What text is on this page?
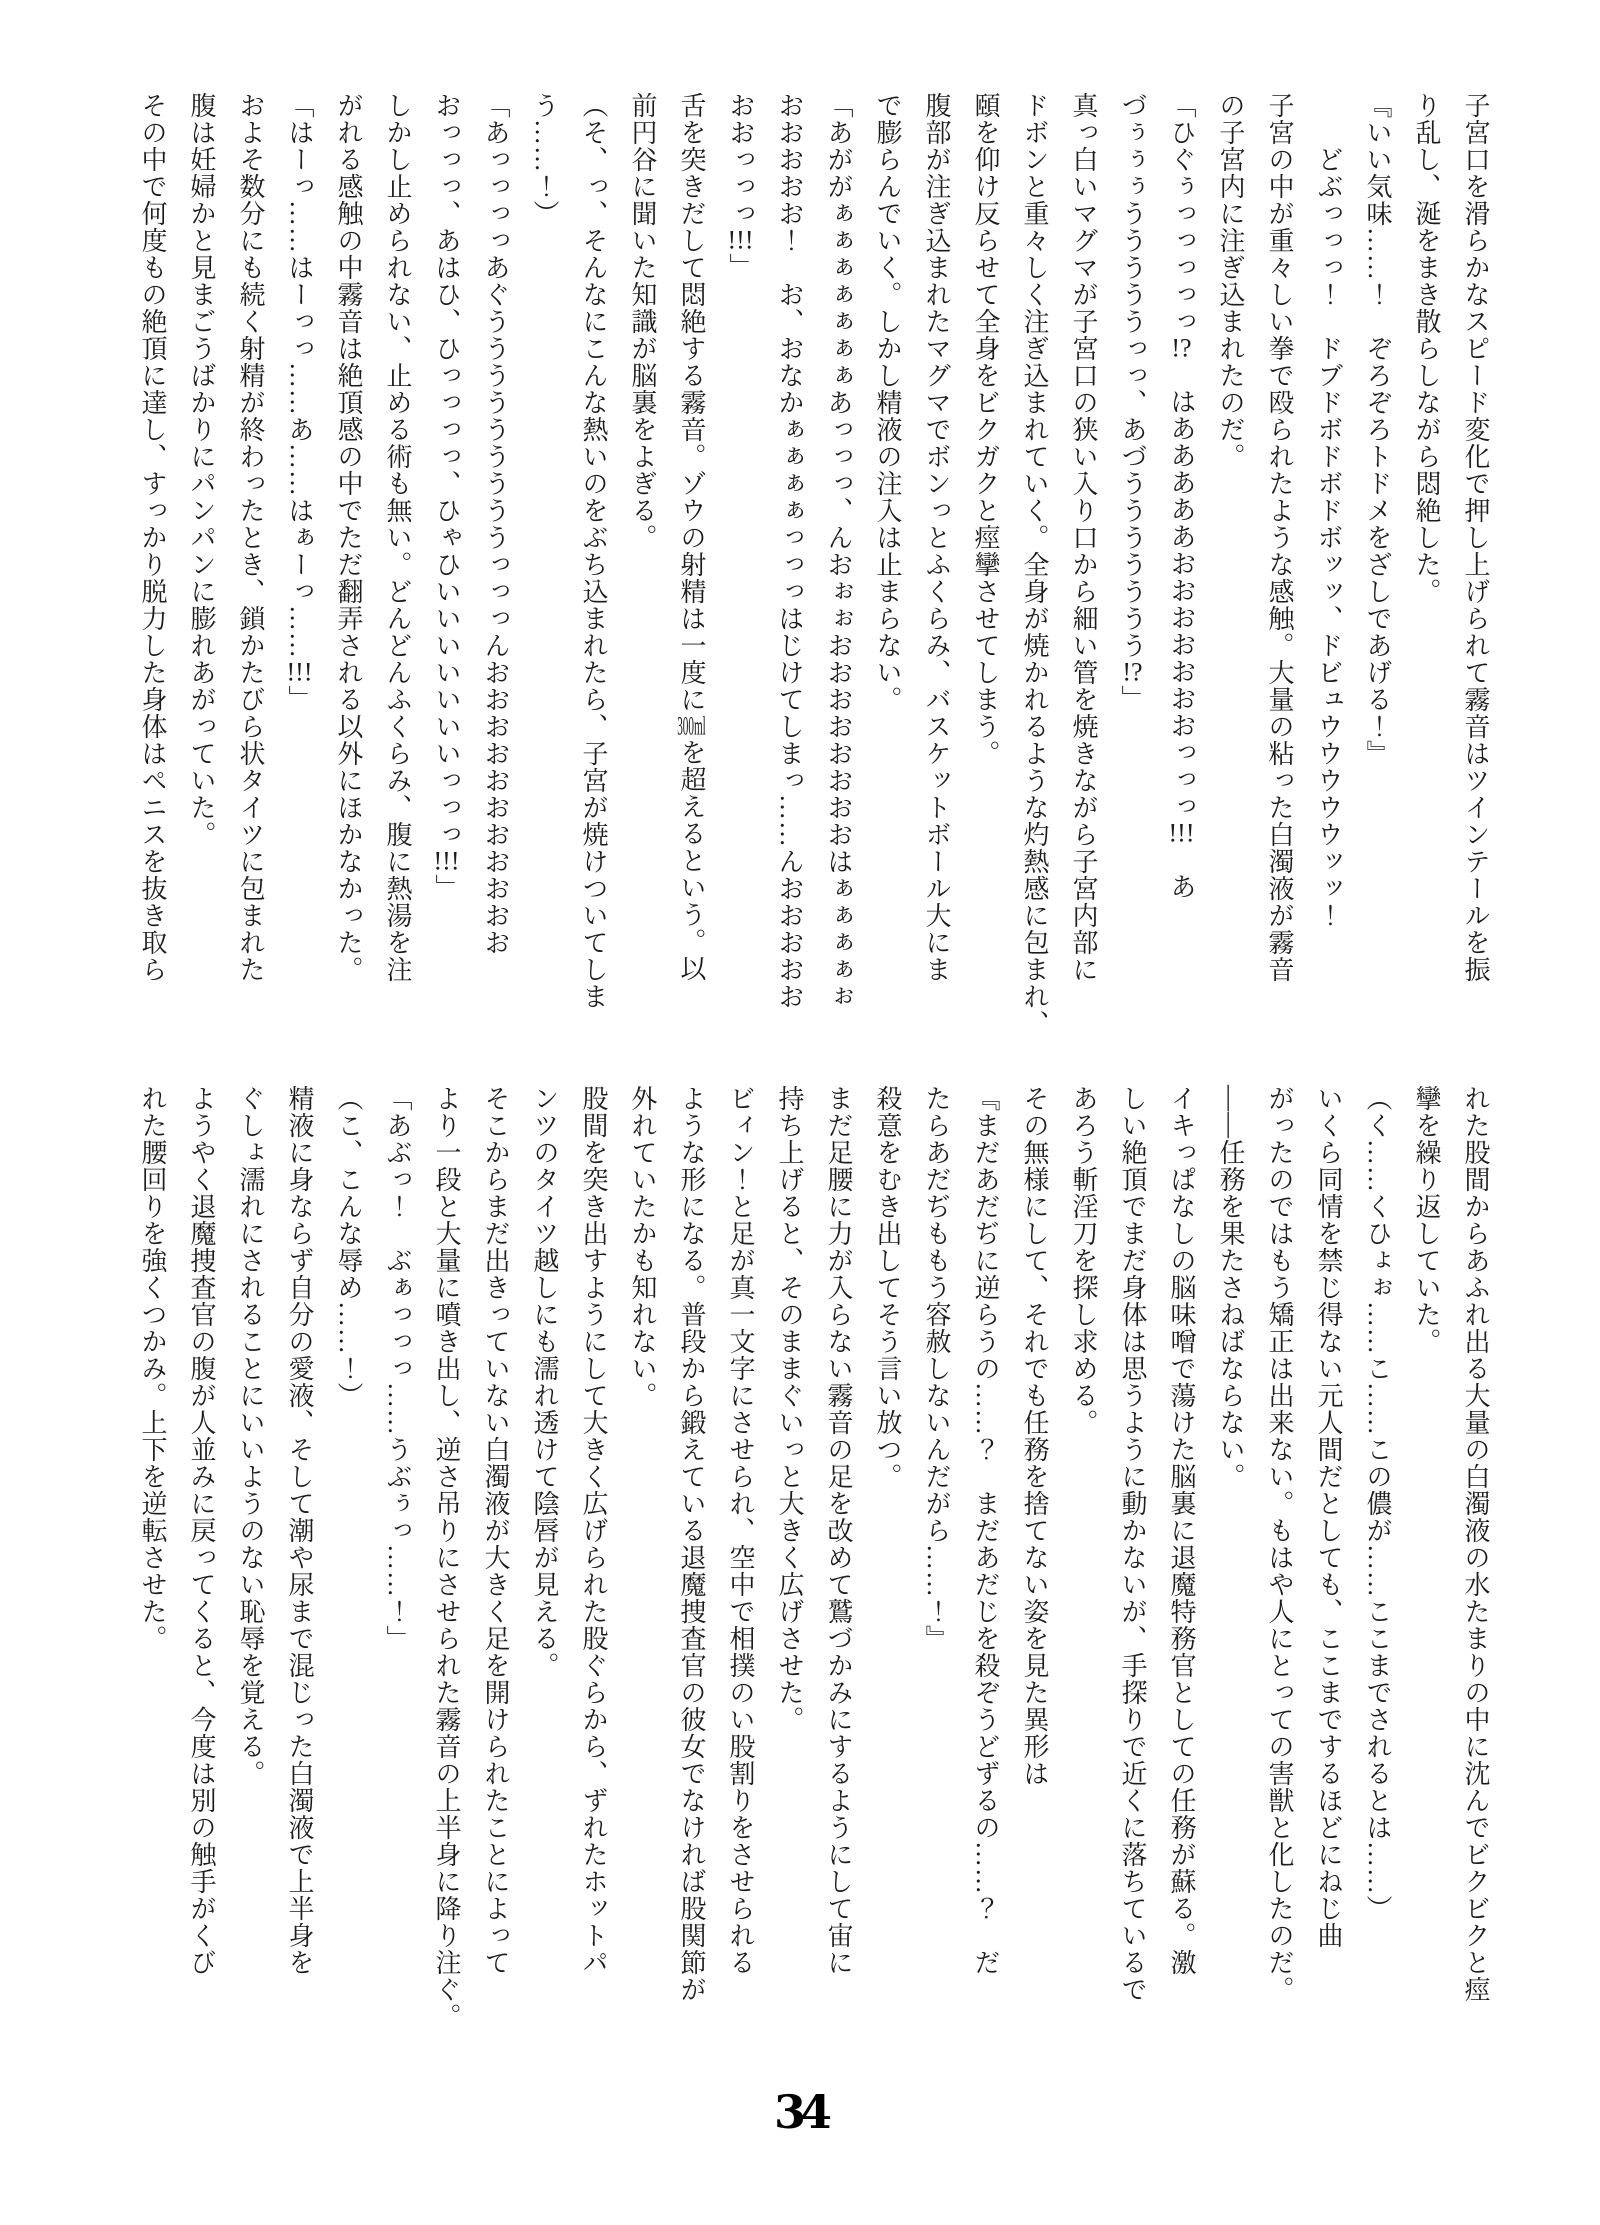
子宮口を滑らかなスピード変化で押し上げられて霧音はツインテールを振

り乱し、涎をまき散らしながら悶絶した。

『いい気味……！　ぞろぞろトドメをざしであげる！』

　　どぶっっっ！　ドブドボドボドボッッ、ドビュウウウウウッッ！

子宮の中が重々しい拳で殴られたような感触。大量の粘った白濁液が霧音

の子宮内に注ぎ込まれたのだ。

「ひぐぅっっっっっ!?　はあああああおおおおおおおっっっ!!!　あ

づぅぅぅうううううっっ、あづううううううう!?」

真っ白いマグマが子宮口の狭い入り口から細い管を焼きながら子宮内部に

ドボンと重々しく注ぎ込まれていく。全身が焼かれるような灼熱感に包まれ、

頤を仰け反らせて全身をビクガクと痙攣させてしまう。

腹部が注ぎ込まれたマグマでボンっとふくらみ、バスケットボール大にま

で膨らんでいく。しかし精液の注入は止まらない。

「あががぁぁぁぁぁぁぁあっっっ、んおぉぉおおおおおおおおはぁぁぁぁぉ

おおおおお！　お、おなかぁぁぁぁっっっはじけてしまっ……んおおおおお

おおっっっ!!!」

舌を突きだして悶絶する霧音。ゾウの射精は一度に300mlを超えるという。以

前円谷に聞いた知識が脳裏をよぎる。

（そ、っ、そんなにこんな熱いのをぶち込まれたら、子宮が焼けついてしま

う……！）

「あっっっっあぐうううううううううっっっんおおおおおおおおおおお

おっっっ、あはひ、ひっっっっ、ひゃひいいいいいいいっっっ!!!」

しかし止められない、止める術も無い。どんどんふくらみ、腹に熱湯を注

がれる感触の中霧音は絶頂感の中でただ翻弄される以外にほかなかった。

「はーっ……はーっっ……あ……はぁーっ……!!!」

およそ数分にも続く射精が終わったとき、鎖かたびら状タイツに包まれた

腹は妊婦かと見まごうばかりにパンパンに膨れあがっていた。

その中で何度もの絶頂に達し、すっかり脱力した身体はペニスを抜き取ら

れた股間からあふれ出る大量の白濁液の水たまりの中に沈んでビクビクと痙

攣を繰り返していた。

（く……くひょぉ……こ……この儂が……ここまでされるとは……）

いくら同情を禁じ得ない元人間だとしても、ここまでするほどにねじ曲

がったのではもう矯正は出来ない。もはや人にとっての害獣と化したのだ。

――任務を果たさねばならない。

イキっぱなしの脳味噌で蕩けた脳裏に退魔特務官としての任務が蘇る。激

しい絶頂でまだ身体は思うように動かないが、手探りで近くに落ちているで

あろう斬淫刀を探し求める。

その無様にして、それでも任務を捨てない姿を見た異形は

『まだあだぢに逆らうの……？　まだあだじを殺ぞうどずるの……？　だ

たらあだぢももう容赦しないんだがら……！』

殺意をむき出してそう言い放つ。

まだ足腰に力が入らない霧音の足を改めて鷲づかみにするようにして宙に

持ち上げると、そのままぐいっと大きく広げさせた。

ビィン！と足が真一文字にさせられ、空中で相撲のい股割りをさせられる

ような形になる。普段から鍛えている退魔捜査官の彼女でなければ股関節が

外れていたかも知れない。

股間を突き出すようにして大きく広げられた股ぐらから、ずれたホットパ

ンツのタイツ越しにも濡れ透けて陰唇が見える。

そこからまだ出きっていない白濁液が大きく足を開けられたことによって

より一段と大量に噴き出し、逆さ吊りにさせられた霧音の上半身に降り注ぐ。

「あぶっ！　ぶぁっっっ……うぶぅっ……！」

（こ、こんな辱め……！）

精液に身ならず自分の愛液、そして潮や尿まで混じった白濁液で上半身を

ぐしょ濡れにされることにいいようのない恥辱を覚える。

ようやく退魔捜査官の腹が人並みに戻ってくると、今度は別の触手がくび

れた腰回りを強くつかみ。上下を逆転させた。

34
